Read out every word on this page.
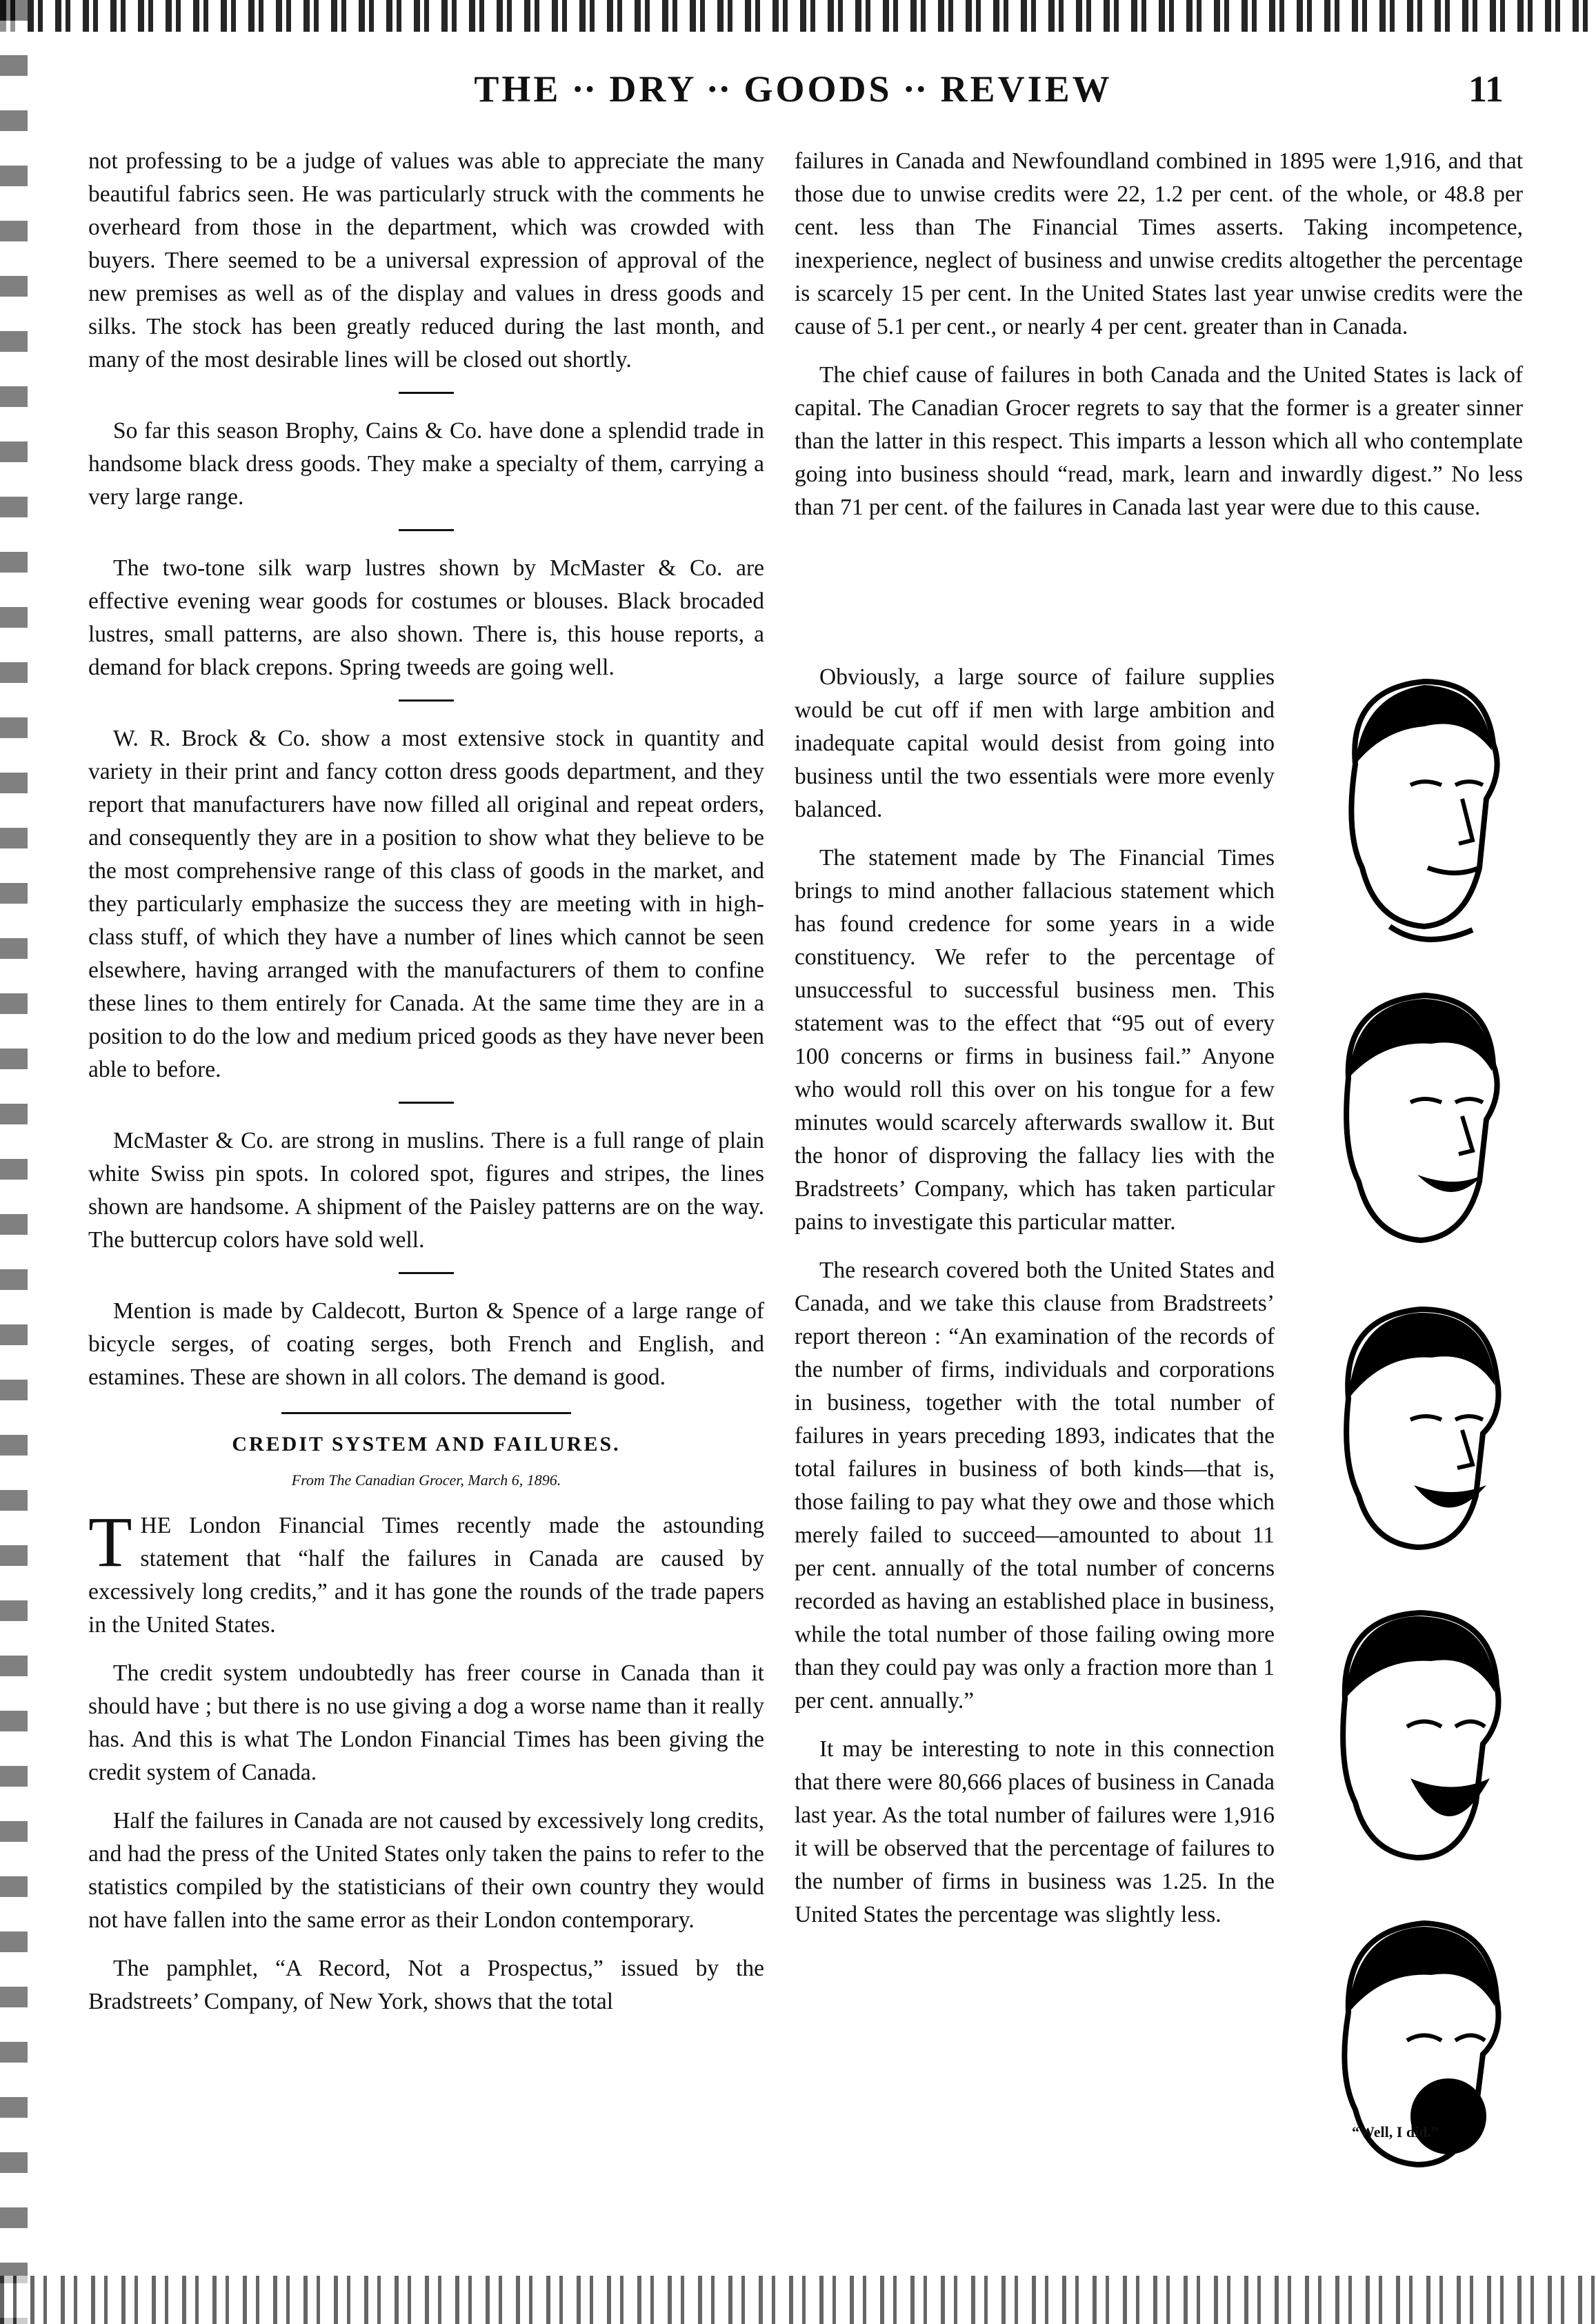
THE ∙∙ DRY ∙∙ GOODS ∙∙ REVIEW	11

not professing to be a judge of values was able to appreciate the many beautiful fabrics seen. He was particularly struck with the comments he overheard from those in the department, which was crowded with buyers. There seemed to be a universal expression of approval of the new premises as well as of the display and values in dress goods and silks. The stock has been greatly reduced during the last month, and many of the most desirable lines will be closed out shortly.

So far this season Brophy, Cains & Co. have done a splendid trade in handsome black dress goods. They make a specialty of them, carrying a very large range.

The two-tone silk warp lustres shown by McMaster & Co. are effective evening wear goods for costumes or blouses. Black brocaded lustres, small patterns, are also shown. There is, this house reports, a demand for black crepons. Spring tweeds are going well.

W. R. Brock & Co. show a most extensive stock in quantity and variety in their print and fancy cotton dress goods department, and they report that manufacturers have now filled all original and repeat orders, and consequently they are in a position to show what they believe to be the most comprehensive range of this class of goods in the market, and they particularly emphasize the success they are meeting with in high-class stuff, of which they have a number of lines which cannot be seen elsewhere, having arranged with the manufacturers of them to confine these lines to them entirely for Canada. At the same time they are in a position to do the low and medium priced goods as they have never been able to before.

McMaster & Co. are strong in muslins. There is a full range of plain white Swiss pin spots. In colored spot, figures and stripes, the lines shown are handsome. A shipment of the Paisley patterns are on the way. The buttercup colors have sold well.

Mention is made by Caldecott, Burton & Spence of a large range of bicycle serges, of coating serges, both French and English, and estamines. These are shown in all colors. The demand is good.

CREDIT SYSTEM AND FAILURES.
From The Canadian Grocer, March 6, 1896.

THE London Financial Times recently made the astounding statement that “half the failures in Canada are caused by excessively long credits,” and it has gone the rounds of the trade papers in the United States.

The credit system undoubtedly has freer course in Canada than it should have ; but there is no use giving a dog a worse name than it really has. And this is what The London Financial Times has been giving the credit system of Canada.

Half the failures in Canada are not caused by excessively long credits, and had the press of the United States only taken the pains to refer to the statistics compiled by the statisticians of their own country they would not have fallen into the same error as their London contemporary.

The pamphlet, “A Record, Not a Prospectus,” issued by the Bradstreets’ Company, of New York, shows that the total

failures in Canada and Newfoundland combined in 1895 were 1,916, and that those due to unwise credits were 22, 1.2 per cent. of the whole, or 48.8 per cent. less than The Financial Times asserts. Taking incompetence, inexperience, neglect of business and unwise credits altogether the percentage is scarcely 15 per cent. In the United States last year unwise credits were the cause of 5.1 per cent., or nearly 4 per cent. greater than in Canada.

The chief cause of failures in both Canada and the United States is lack of capital. The Canadian Grocer regrets to say that the former is a greater sinner than the latter in this respect. This imparts a lesson which all who contemplate going into business should “read, mark, learn and inwardly digest.” No less than 71 per cent. of the failures in Canada last year were due to this cause.

Obviously, a large source of failure supplies would be cut off if men with large ambition and inadequate capital would desist from going into business until the two essentials were more evenly balanced.

The statement made by The Financial Times brings to mind another fallacious statement which has found credence for some years in a wide constituency. We refer to the percentage of unsuccessful to successful business men. This statement was to the effect that “95 out of every 100 concerns or firms in business fail.” Anyone who would roll this over on his tongue for a few minutes would scarcely afterwards swallow it. But the honor of disproving the fallacy lies with the Bradstreets’ Company, which has taken particular pains to investigate this particular matter.

The research covered both the United States and Canada, and we take this clause from Bradstreets’ report thereon : “An examination of the records of the number of firms, individuals and corporations in business, together with the total number of failures in years preceding 1893, indicates that the total failures in business of both kinds—that is, those failing to pay what they owe and those which merely failed to succeed—amounted to about 11 per cent. annually of the total number of concerns recorded as having an established place in business, while the total number of those failing owing more than they could pay was only a fraction more than 1 per cent. annually.”

It may be interesting to note in this connection that there were 80,666 places of business in Canada last year. As the total number of failures were 1,916 it will be observed that the percentage of failures to the number of firms in business was 1.25. In the United States the percentage was slightly less.

“Well, I did.”
